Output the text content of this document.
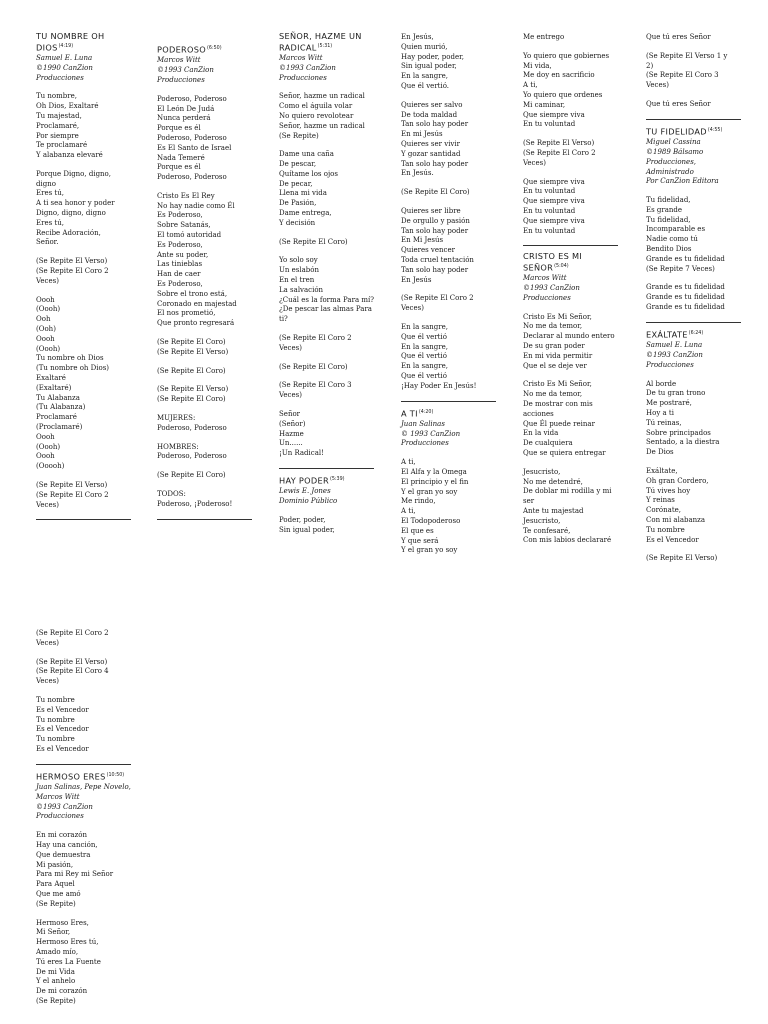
TU NOMBRE OH $DIOS^{(4:19)}$
Samuel E. Luna
©1990 CanZion
Producciones
Tu nombre,
Oh Dios, Exaltaré
Tu majestad,
Proclamaré,
Por siempre
Te proclamaré
Y alabanza elevaré
Porque Digno, digno,
digno
Eres tú,
A ti sea honor y poder
Digno, digno, digno
Eres tú,
Recibe Adoración,
Señor.
(Se Repite El Verso)
(Se Repite El Coro 2
Veces)
Oooh
(Oooh)
Ooh
(Ooh)
Oooh
(Oooh)
Tu nombre oh Dios
(Tu nombre oh Dios)
Exaltaré
(Exaltaré)
Tu Alabanza
(Tu Alabanza)
Proclamaré
(Proclamaré)
Oooh
(Oooh)
Oooh
(Ooooh)
(Se Repite El Verso)
(Se Repite El Coro 2
Veces)
$PODEROSO^{(6:50)}$
Marcos Witt
©1993 CanZion
Producciones
Poderoso, Poderoso
El León De Judá
Nunca perderá
Porque es él
Poderoso, Poderoso
Es El Santo de Israel
Nada Temeré
Porque es él
Poderoso, Poderoso
Cristo Es El Rey
No hay nadie como Él
Es Poderoso,
Sobre Satanás,
El tomó autoridad
Es Poderoso,
Ante su poder,
Las tinieblas
Han de caer
Es Poderoso,
Sobre el trono está,
Coronado en majestad
El nos prometió,
Que pronto regresará
(Se Repite El Coro)
(Se Repite El Verso)
(Se Repite El Coro)
(Se Repite El Verso)
(Se Repite El Coro)
MUJERES:
Poderoso, Poderoso
HOMBRES:
Poderoso, Poderoso
(Se Repite El Coro)
TODOS:
Poderoso, ¡Poderoso!
SEÑOR, HAZME UN $RADICAL^{(5:31)}$
Marcos Witt
©1993 CanZion
Producciones
Señor, hazme un radical
Como el águila volar
No quiero revolotear
Señor, hazme un radical
(Se Repite)
Dame una caña
De pescar,
Quítame los ojos
De pecar,
Llena mi vida
De Pasión,
Dame entrega,
Y decisión
(Se Repite El Coro)
Yo solo soy
Un eslabón
En el tren
La salvación
¿Cuál es la forma Para mí?
¿De pescar las almas Para ti?
(Se Repite El Coro 2
Veces)
(Se Repite El Coro)
(Se Repite El Coro 3
Veces)
Señor
(Señor)
Hazme
Un......
¡Un Radical!
HAY $PODER^{(5:39)}$
Lewis E. Jones
Dominio Público
Poder, poder,
Sin igual poder,
En Jesús,
Quien murió,
Hay poder, poder,
Sin igual poder,
En la sangre,
Que él vertió.
Quieres ser salvo
De toda maldad
Tan solo hay poder
En mi Jesús
Quieres ser vivir
Y gozar santidad
Tan solo hay poder
En Jesús.
(Se Repite El Coro)
Quieres ser libre
De orgullo y pasión
Tan solo hay poder
En Mi Jesús
Quieres vencer
Toda cruel tentación
Tan solo hay poder
En Jesús
(Se Repite El Coro 2
Veces)
En la sangre,
Que él vertió
En la sangre,
Que él vertió
En la sangre,
Que él vertió
¡Hay Poder En Jesús!
A $TI^{(4:20)}$
Juan Salinas
© 1993 CanZion
Producciones
A ti,
El Alfa y la Omega
El principio y el fin
Y el gran yo soy
Me rindo,
A ti,
El Todopoderoso
El que es
Y que será
Y el gran yo soy
Me entrego
Yo quiero que gobiernes
Mi vida,
Me doy en sacrificio
A ti,
Yo quiero que ordenes
Mi caminar,
Que siempre viva
En tu voluntad
(Se Repite El Verso)
(Se Repite El Coro 2
Veces)
Que siempre viva
En tu voluntad
Que siempre viva
En tu voluntad
Que siempre viva
En tu voluntad
CRISTO ES MI $SEÑOR^{(5:04)}$
Marcos Witt
©1993 CanZion
Producciones
Cristo Es Mi Señor,
No me da temor,
Declarar al mundo entero
De su gran poder
En mi vida permitir
Que el se deje ver
Cristo Es Mi Señor,
No me da temor,
De mostrar con mis
acciones
Que Él puede reinar
En la vida
De cualquiera
Que se quiera entregar
Jesucristo,
No me detendré,
De doblar mi rodilla y mi
ser
Ante tu majestad
Jesucristo,
Te confesaré,
Con mis labios declararé
Que tú eres Señor
(Se Repite El Verso 1 y
2)
(Se Repite El Coro 3
Veces)
Que tú eres Señor
TU $FIDELIDAD^{(4:55)}$
Miguel Cassina
©1989 Bálsamo
Producciones, Administrado
Por CanZion Editora
Tu fidelidad,
Es grande
Tu fidelidad,
Incomparable es
Nadie como tú
Bendito Dios
Grande es tu fidelidad
(Se Repite 7 Veces)
Grande es tu fidelidad
Grande es tu fidelidad
Grande es tu fidelidad
$EXÁLTATE^{(6:24)}$
Samuel E. Luna
©1993 CanZion
Producciones
Al borde
De tu gran trono
Me postraré,
Hoy a ti
Tú reinas,
Sobre principados
Sentado, a la diestra
De Dios
Exáltate,
Oh gran Cordero,
Tú vives hoy
Y reinas
Corónate,
Con mi alabanza
Tu nombre
Es el Vencedor
(Se Repite El Verso)
(Se Repite El Coro 2
Veces)
(Se Repite El Verso)
(Se Repite El Coro 4
Veces)
Tu nombre
Es el Vencedor
Tu nombre
Es el Vencedor
Tu nombre
Es el Vencedor
HERMOSO $ERES^{(10:50)}$
Juan Salinas, Pepe Novelo,
Marcos Witt
©1993 CanZion
Producciones
En mi corazón
Hay una canción,
Que demuestra
Mi pasión,
Para mi Rey mi Señor
Para Aquel
Que me amó
(Se Repite)
Hermoso Eres,
Mi Señor,
Hermoso Eres tú,
Amado mío,
Tú eres La Fuente
De mi Vida
Y el anhelo
De mi corazón
(Se Repite)
